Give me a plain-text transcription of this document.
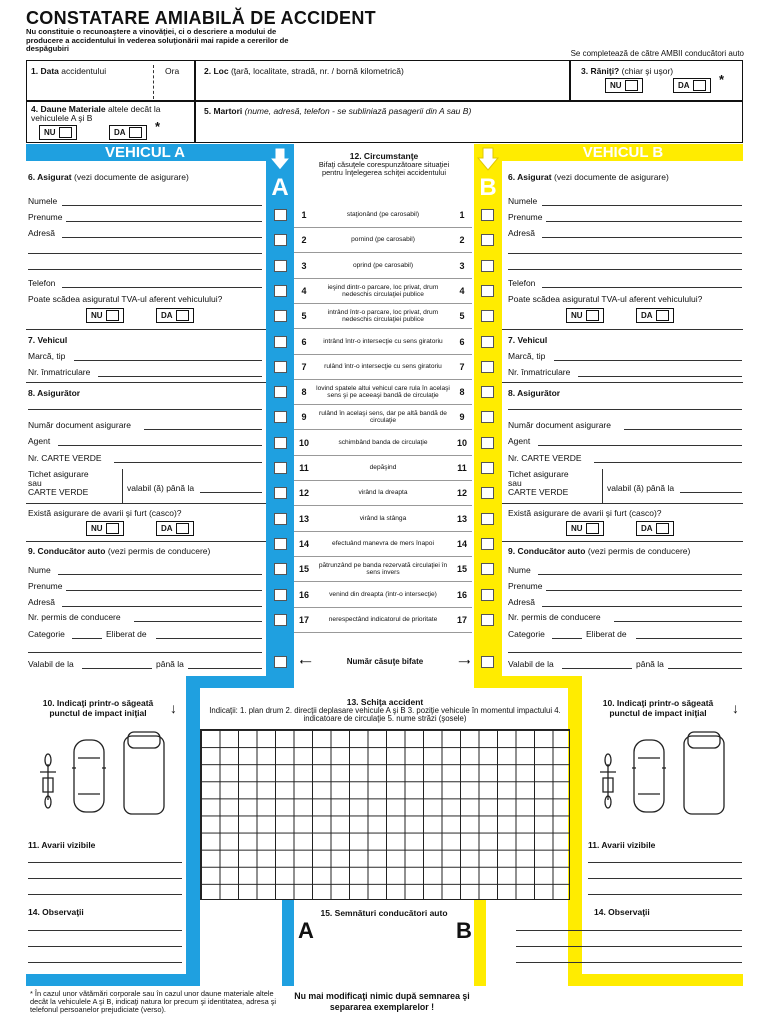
CONSTATARE AMIABILĂ DE ACCIDENT
Nu constituie o recunoaştere a vinovăţiei, ci o descriere a modului de producere a accidentului în vederea soluţionării mai rapide a cererilor de despăgubiri
Se completează de către AMBII conducători auto
1. Data accidentului	Ora	2. Loc (ţară, localitate, stradă, nr. / bornă kilometrică)	3. Răniţi? (chiar şi uşor)
NU	DA *
4. Daune Materiale altele decât la vehiculele A şi B
NU	DA *
5. Martori (nume, adresă, telefon - se subliniază pasagerii din A sau B)
VEHICUL A	VEHICUL B
A	B
6. Asigurat (vezi documente de asigurare)
Numele
Prenume
Adresă
Telefon
Poate scădea asiguratul TVA-ul aferent vehiculului?
NU	DA
7. Vehicul
Marcă, tip
Nr. înmatriculare
8. Asigurător
Număr document asigurare
Agent
Nr. CARTE VERDE
Tichet asigurare
sau
CARTE VERDE	valabil (ă) până la
Există asigurare de avarii şi furt (casco)?
NU	DA
9. Conducător auto (vezi permis de conducere)
Nume
Prenume
Adresă
Nr. permis de conducere
Categorie	Eliberat de
Valabil de la	până la
6. Asigurat (vezi documente de asigurare)
Numele
Prenume
Adresă
Telefon
Poate scădea asiguratul TVA-ul aferent vehiculului?
NU	DA
7. Vehicul
Marcă, tip
Nr. înmatriculare
8. Asigurător
Număr document asigurare
Agent
Nr. CARTE VERDE
Tichet asigurare
sau
CARTE VERDE	valabil (ă) până la
Există asigurare de avarii şi furt (casco)?
NU	DA
9. Conducător auto (vezi permis de conducere)
Nume
Prenume
Adresă
Nr. permis de conducere
Categorie	Eliberat de
Valabil de la	până la
12. Circumstanţe
Bifaţi căsuţele corespunzătoare situaţiei pentru înţelegerea schiţei accidentului
1	staţionând (pe carosabil)	1
2	pornind (pe carosabil)	2
3	oprind (pe carosabil)	3
4	ieşind dintr-o parcare, loc privat, drum nedeschis circulaţiei publice	4
5	intrând într-o parcare, loc privat, drum nedeschis circulaţiei publice	5
6	intrând într-o intersecţie cu sens giratoriu	6
7	rulând într-o intersecţie cu sens giratoriu	7
8	lovind spatele altui vehicul care rula în acelaşi sens şi pe aceeaşi bandă de circulaţie	8
9	rulând în acelaşi sens, dar pe altă bandă de circulaţie	9
10	schimbând banda de circulaţie	10
11	depăşind	11
12	virând la dreapta	12
13	virând la stânga	13
14	efectuând manevra de mers înapoi	14
15	pătrunzând pe banda rezervată circulaţiei în sens invers	15
16	venind din dreapta (într-o intersecţie)	16
17	nerespectând indicatorul de prioritate	17
⟵	Număr căsuţe bifate	⟶
10. Indicaţi printr-o săgeată
punctul de impact iniţial	↓
11. Avarii vizibile
14. Observaţii
10. Indicaţi printr-o săgeată
punctul de impact iniţial	↓
11. Avarii vizibile
14. Observaţii
13. Schiţa accident
Indicaţii: 1. plan drum 2. direcţii deplasare vehicule A şi B 3. poziţie vehicule în momentul impactului 4. indicatoare de circulaţie 5. nume străzi (şosele)
15. Semnături conducători auto
A	B
* În cazul unor vătămări corporale sau în cazul unor daune materiale altele decât la vehiculele A şi B, indicaţi natura lor precum şi identitatea, adresa şi telefonul persoanelor prejudiciate (verso).
Nu mai modificaţi nimic după semnarea şi separarea exemplarelor !
